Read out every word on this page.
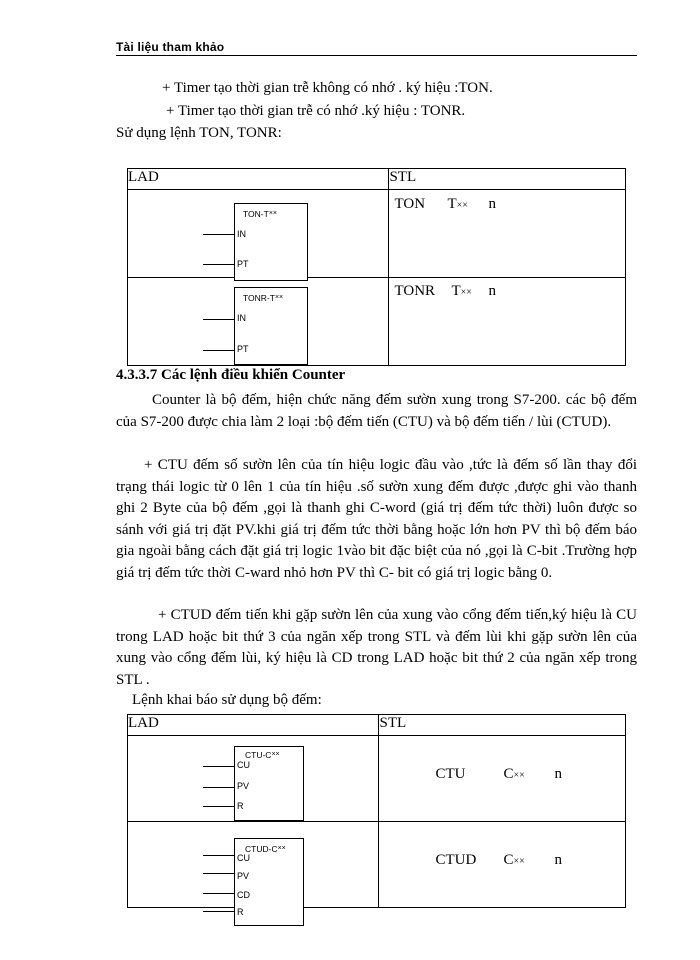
Tài liệu tham khảo
+ Timer tạo thời gian trễ không có nhớ . ký hiệu :TON.
+ Timer tạo thời gian trễ có nhớ .ký hiệu : TONR.
Sử dụng lệnh TON, TONR:
LAD	STL

TON-T××
IN
PT	TON T×× n

TONR-T××
IN
PT	TONR T×× n
4.3.3.7 Các lệnh điều khiển Counter
Counter là bộ đếm, hiện chức năng đếm sườn xung trong S7-200. các bộ đếm của S7-200 được chia làm 2 loại :bộ đếm tiến (CTU) và bộ đếm tiến / lùi (CTUD).
+ CTU đếm số sườn lên của tín hiệu logic đầu vào ,tức là đếm số lần thay đổi trạng thái logic từ 0 lên 1 của tín hiệu .số sườn xung đếm được ,được ghi vào thanh ghi 2 Byte của bộ đếm ,gọi là thanh ghi C-word (giá trị đếm tức thời) luôn được so sánh với giá trị đặt PV.khi giá trị đếm tức thời bằng hoặc lớn hơn PV thì bộ đếm báo gia ngoài bằng cách đặt giá trị logic 1vào bit đặc biệt của nó ,gọi là C-bit .Trường hợp giá trị đếm tức thời C-ward nhỏ hơn PV thì C- bit có giá trị logic bằng 0.
+ CTUD đếm tiến khi gặp sườn lên của xung vào cổng đếm tiến,ký hiệu là CU trong LAD hoặc bit thứ 3 của ngăn xếp trong STL và đếm lùi khi gặp sườn lên của xung vào cổng đếm lùi, ký hiệu là CD trong LAD hoặc bit thứ 2 của ngăn xếp trong STL .
Lệnh khai báo sử dụng bộ đếm:
LAD	STL

CTU-C××
CU
PV
R	CTU C×× n

CTUD-C××
CU
PV
CD
R	CTUD C×× n
